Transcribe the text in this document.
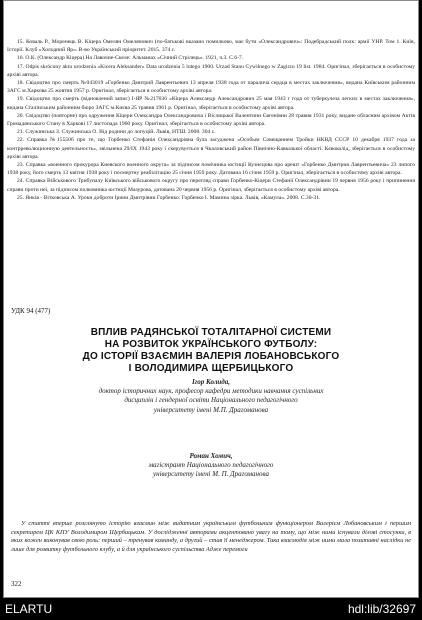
15. Коваль Р., Моренець В. Кіцера Омелян Омелянович (по-батькові вказано помилково, має бути «Олександрович»: Подебрадський полк: армії УНР. Том 1. Київ, Історії. Клуб «Холодний Яр». В-во Український пріоритет. 2015. 374 с.

16. О.К. (Олександр Кіцера) На Лавочне-Скеле: Альманах «Січний Стрілець». 1921, ч.3. С.6-7.

17. Odpis skrócony aktu urodzenia «Kicera Aleksander» Data urodzenia 5 lutego 1900. Urzad Stanu Cywilnego w Zagirzu 19 list. 1984. Оригінал, зберігається в особистому архіві автора.

18. Свідоцтво про смерть №043019 «Горбенко Дмитрий Лаврентьевич 13 апреля 1938 года от паралича сердца в местах заключения», видана Київським районним ЗАГС м.Харкова 25 жовтня 1957 р. Оригінал, зберігається в особистому архіві автора.

19. Свідоцтво про смерть (відновлений запис) І-ЯР №217036 «Кіцера Александр Александрович 25 мая 1943 г года от туберкулеза легких в местах заключения», видана Сталінським районним бюро ЗАГС м.Києва 25 травня 1961 р. Оригінал, зберігається в особистому архіві автора.

20. Свідоцтво (повторне) про одруження Кіцери Олександра Олександровича і Віслицької Валентини Євгенівни 28 травня 1931 року, видане обласним архівом Актів Громадянського Стану в Харкові 17 листопада 1960 року. Оригінал, зберігається в особистому архіві автора.

21. Служинська З. Служинська О. Від родини до лопуцій. Львів, НТШ. 2008. 304 с.

22. Справка №155506 про те, що Горбенко Стефанія Олександрівна була засуджена «Особым Совещанием Тройки НКВД СССР 10 декабря 1937 года за контрреволюционную деятельность», звільнена 29/IX 1943 року і скерувується в Чкаловський район Північно-Кавказької області. Кєвоколід, зберігається в особистому архіві автора.

23. Справка «военного прокурора Киевского военного округа» за підписом помічника юстиції Кузнєцова про арешт «Горбенко Дмитрия Лаврентьевича» 23 липого 1938 року, його смерть 13 квітня 1938 року і посмертну реабілітацію 25 січня 1959 року. Датована 16 січня 1959 р. Оригінал, зберігається в особистому архіві автора.

24. Справка Військового Трибуналу Київського військового округу про перегляд справи Горбенко-Кіцери Стефанії Олександрівни 19 червня 1956 року і припинення справи проти неї, за підписом полковника юстиції Мазурова, датована 20 червня 1956 р. Оригінал, зберігається в особистому архіві автора.

25. Янків - Вітковська А. Уроки доброти Ірини Дмитрівни Горбенко: Горбенко І. Мамина зірка. Львів, «Камула». 2008. С.30-31.

УДК 94 (477)
ВПЛИВ РАДЯНСЬКОЇ ТОТАЛІТАРНОЇ СИСТЕМИ
НА РОЗВИТОК УКРАЇНСЬКОГО ФУТБОЛУ:
ДО ІСТОРІЇ ВЗАЄМИН ВАЛЕРІЯ ЛОБАНОВСЬКОГО
І ВОЛОДИМИРА ЩЕРБИЦЬКОГО
Ігор Колида,
доктор історичних наук, професор кафедри методики навчання суспільних
дисциплін і гендерної освіти Національного педагогічного
університету імені М.П. Драгоманова
Роман Хомич,
магістрант Національного педагогічного
університету імені М. П. Драгоманова
У статті вперше розглянуто історію взаємин між видатним українським футбольним функціонером Валерієм Лобановським і першим секретарем ЦК КПУ Володимиром Щербицьким. У дослідженні авторами акцентовано увагу на тому, що між ними існували ділові стосунки, в яких кожен виконував свою роль: перший – тренував команду, а другий – став її менеджером. Така взаємодія між ними мала позитивні наслідки не лише для розвитку футбольного клубу, а й для українського суспільства Адже перемоги
322
ELARTU	hdl:lib/32697
